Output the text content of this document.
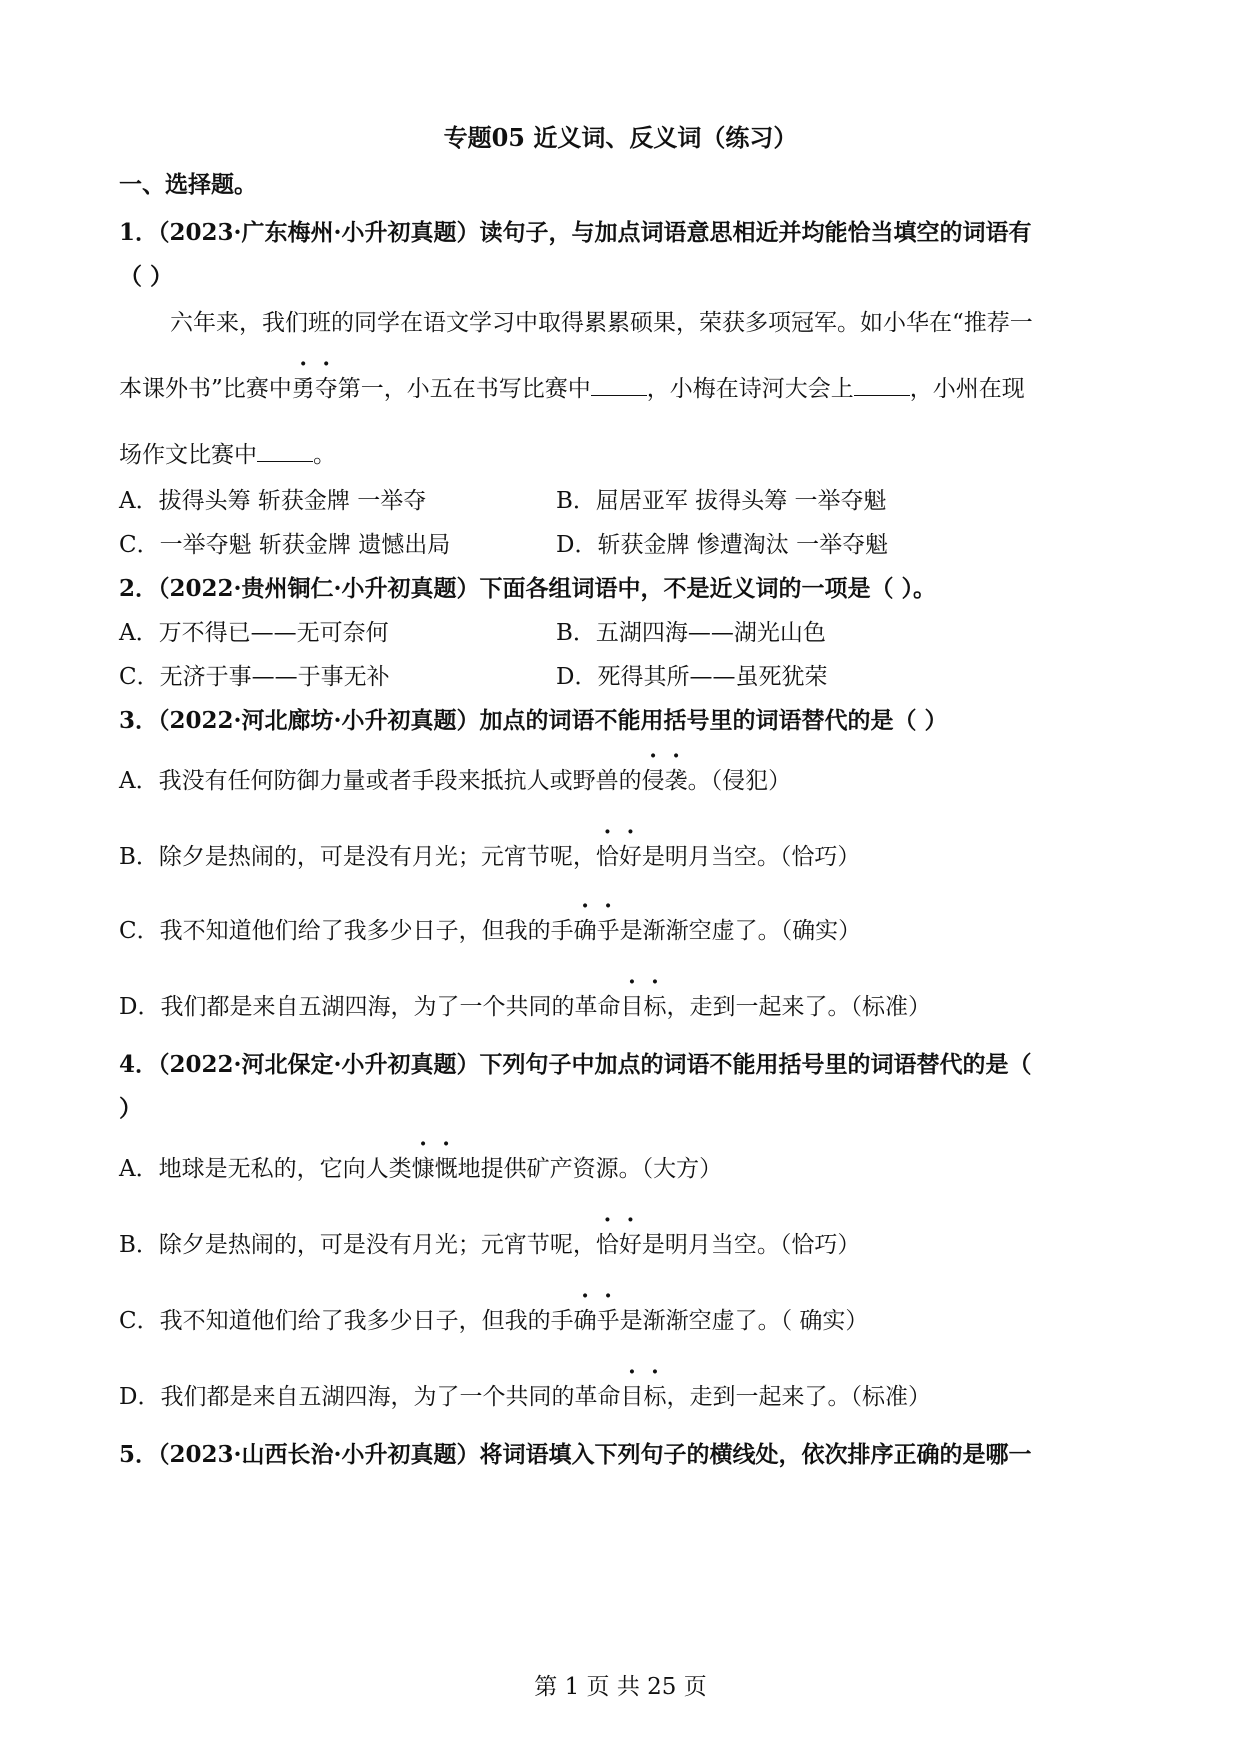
专题05 近义词、反义词（练习）
一、选择题。
1．（2023·广东梅州·小升初真题）读句子，与加点词语意思相近并均能恰当填空的词语有
（ ）
六年来，我们班的同学在语文学习中取得累累硕果，荣获多项冠军。如小华在“推荐一
本课外书”比赛中勇夺第一，小五在书写比赛中 ，小梅在诗河大会上 ，小州在现
场作文比赛中 。
A．拔得头筹 斩获金牌 一举夺	B．屈居亚军 拔得头筹 一举夺魁
C．一举夺魁 斩获金牌 遗憾出局	D．斩获金牌 惨遭淘汰 一举夺魁
2．（2022·贵州铜仁·小升初真题）下面各组词语中，不是近义词的一项是（ ）。
A．万不得已——无可奈何	B．五湖四海——湖光山色
C．无济于事——于事无补	D．死得其所——虽死犹荣
3．（2022·河北廊坊·小升初真题）加点的词语不能用括号里的词语替代的是（ ）
A．我没有任何防御力量或者手段来抵抗人或野兽的侵袭。（侵犯）
B．除夕是热闹的，可是没有月光；元宵节呢，恰好是明月当空。（恰巧）
C．我不知道他们给了我多少日子，但我的手确乎是渐渐空虚了。（确实）
D．我们都是来自五湖四海，为了一个共同的革命目标，走到一起来了。（标准）
4．（2022·河北保定·小升初真题）下列句子中加点的词语不能用括号里的词语替代的是（
）
A．地球是无私的，它向人类慷慨地提供矿产资源。（大方）
B．除夕是热闹的，可是没有月光；元宵节呢，恰好是明月当空。（恰巧）
C．我不知道他们给了我多少日子，但我的手确乎是渐渐空虚了。（ 确实）
D．我们都是来自五湖四海，为了一个共同的革命目标，走到一起来了。（标准）
5．（2023·山西长治·小升初真题）将词语填入下列句子的横线处，依次排序正确的是哪一
第 1 页 共 25 页
